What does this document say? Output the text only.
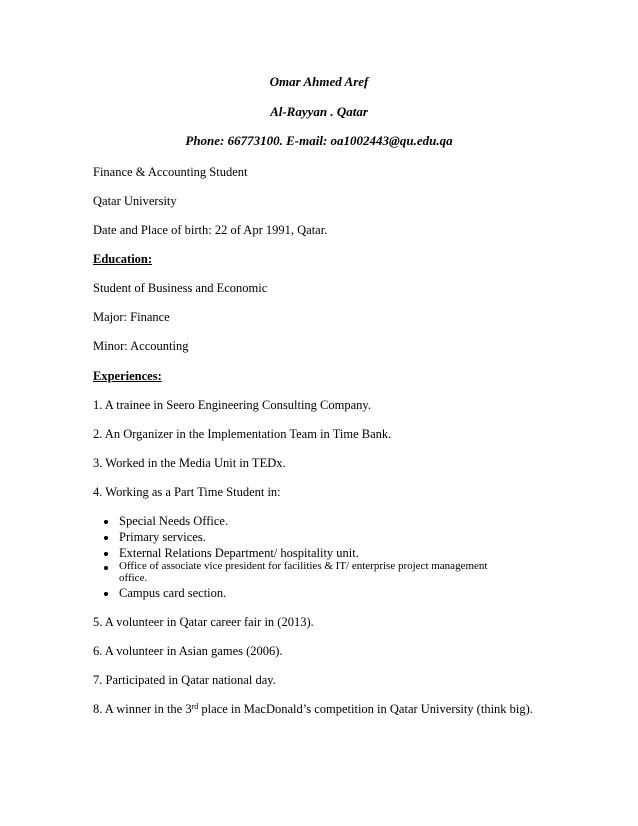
Omar Ahmed Aref
Al-Rayyan . Qatar
Phone: 66773100. E-mail: oa1002443@qu.edu.qa
Finance & Accounting Student
Qatar University
Date and Place of birth: 22 of Apr 1991, Qatar.
Education:
Student of Business and Economic
Major: Finance
Minor: Accounting
Experiences:
1. A trainee in Seero Engineering Consulting Company.
2. An Organizer in the Implementation Team in Time Bank.
3. Worked in the Media Unit in TEDx.
4. Working as a Part Time Student in:
Special Needs Office.
Primary services.
External Relations Department/ hospitality unit.
Office of associate vice president for facilities & IT/ enterprise project management
office.
Campus card section.
5. A volunteer in Qatar career fair in (2013).
6. A volunteer in Asian games (2006).
7. Participated in Qatar national day.
8. A winner in the 3rd place in MacDonald’s competition in Qatar University (think big).
